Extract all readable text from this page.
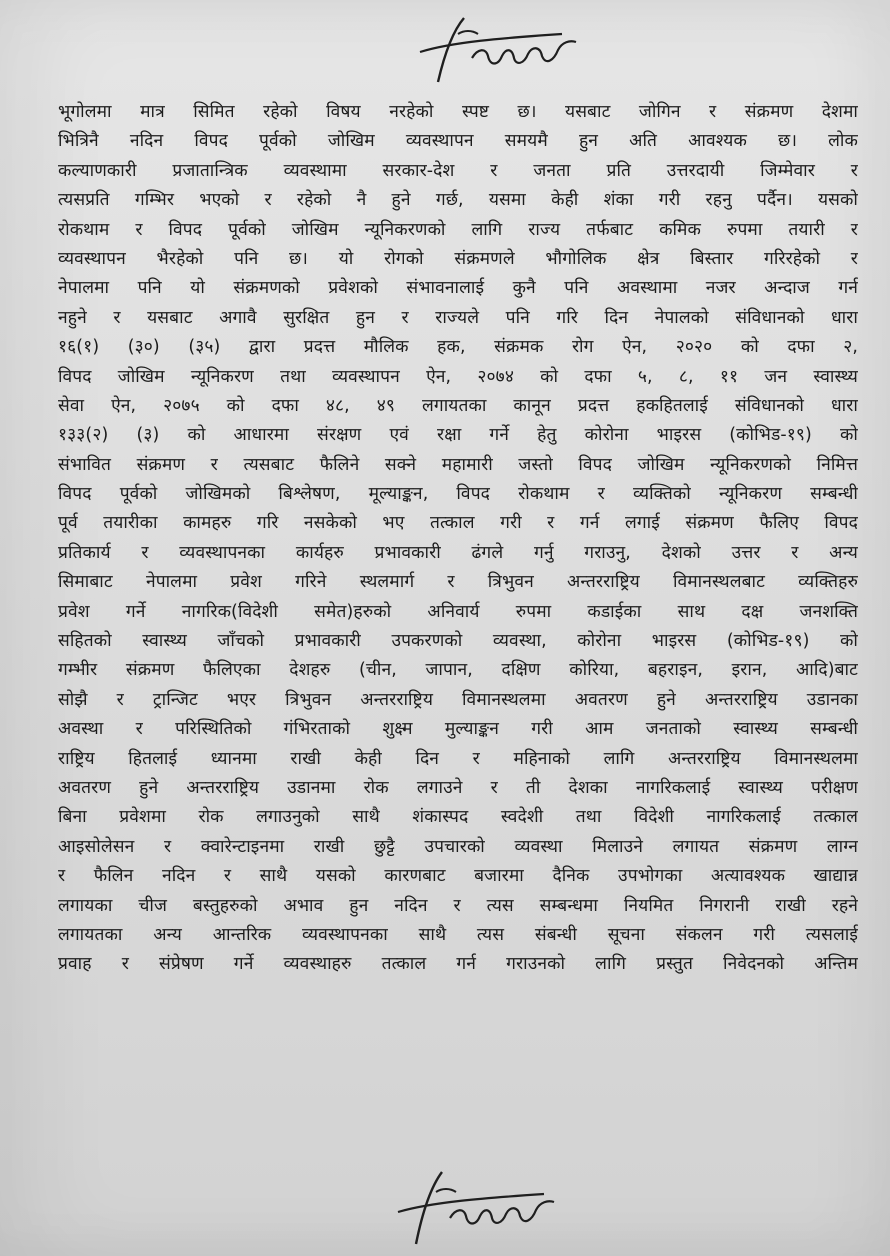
भूगोलमा मात्र सिमित रहेको विषय नरहेको स्पष्ट छ। यसबाट जोगिन र संक्रमण देशमा
भित्रिनै नदिन विपद पूर्वको जोखिम व्यवस्थापन समयमै हुन अति आवश्यक छ। लोक
कल्याणकारी प्रजातान्त्रिक व्यवस्थामा सरकार-देश र जनता प्रति उत्तरदायी जिम्मेवार र
त्यसप्रति गम्भिर भएको र रहेको नै हुने गर्छ, यसमा केही शंका गरी रहनु पर्दैन। यसको
रोकथाम र विपद पूर्वको जोखिम न्यूनिकरणको लागि राज्य तर्फबाट कमिक रुपमा तयारी र
व्यवस्थापन भैरहेको पनि छ। यो रोगको संक्रमणले भौगोलिक क्षेत्र बिस्तार गरिरहेको र
नेपालमा पनि यो संक्रमणको प्रवेशको संभावनालाई कुनै पनि अवस्थामा नजर अन्दाज गर्न
नहुने र यसबाट अगावै सुरक्षित हुन र राज्यले पनि गरि दिन नेपालको संविधानको धारा
१६(१) (३०) (३५) द्वारा प्रदत्त मौलिक हक, संक्रमक रोग ऐन, २०२० को दफा २,
विपद जोखिम न्यूनिकरण तथा व्यवस्थापन ऐन, २०७४ को दफा ५, ८, ११ जन स्वास्थ्य
सेवा ऐन, २०७५ को दफा ४८, ४९ लगायतका कानून प्रदत्त हकहितलाई संविधानको धारा
१३३(२) (३) को आधारमा संरक्षण एवं रक्षा गर्ने हेतु कोरोना भाइरस (कोभिड-१९) को
संभावित संक्रमण र त्यसबाट फैलिने सक्ने महामारी जस्तो विपद जोखिम न्यूनिकरणको निमित्त
विपद पूर्वको जोखिमको बिश्लेषण, मूल्याङ्कन, विपद रोकथाम र व्यक्तिको न्यूनिकरण सम्बन्धी
पूर्व तयारीका कामहरु गरि नसकेको भए तत्काल गरी र गर्न लगाई संक्रमण फैलिए विपद
प्रतिकार्य र व्यवस्थापनका कार्यहरु प्रभावकारी ढंगले गर्नु गराउनु, देशको उत्तर र अन्य
सिमाबाट नेपालमा प्रवेश गरिने स्थलमार्ग र त्रिभुवन अन्तरराष्ट्रिय विमानस्थलबाट व्यक्तिहरु
प्रवेश गर्ने नागरिक(विदेशी समेत)हरुको अनिवार्य रुपमा कडाईका साथ दक्ष जनशक्ति
सहितको स्वास्थ्य जाँचको प्रभावकारी उपकरणको व्यवस्था, कोरोना भाइरस (कोभिड-१९) को
गम्भीर संक्रमण फैलिएका देशहरु (चीन, जापान, दक्षिण कोरिया, बहराइन, इरान, आदि)बाट
सोझै र ट्रान्जिट भएर त्रिभुवन अन्तरराष्ट्रिय विमानस्थलमा अवतरण हुने अन्तरराष्ट्रिय उडानका
अवस्था र परिस्थितिको गंभिरताको शुक्ष्म मुल्याङ्कन गरी आम जनताको स्वास्थ्य सम्बन्धी
राष्ट्रिय हितलाई ध्यानमा राखी केही दिन र महिनाको लागि अन्तरराष्ट्रिय विमानस्थलमा
अवतरण हुने अन्तरराष्ट्रिय उडानमा रोक लगाउने र ती देशका नागरिकलाई स्वास्थ्य परीक्षण
बिना प्रवेशमा रोक लगाउनुको साथै शंकास्पद स्वदेशी तथा विदेशी नागरिकलाई तत्काल
आइसोलेसन र क्वारेन्टाइनमा राखी छुट्टै उपचारको व्यवस्था मिलाउने लगायत संक्रमण लाग्न
र फैलिन नदिन र साथै यसको कारणबाट बजारमा दैनिक उपभोगका अत्यावश्यक खाद्यान्न
लगायका चीज बस्तुहरुको अभाव हुन नदिन र त्यस सम्बन्धमा नियमित निगरानी राखी रहने
लगायतका अन्य आन्तरिक व्यवस्थापनका साथै त्यस संबन्धी सूचना संकलन गरी त्यसलाई
प्रवाह र संप्रेषण गर्ने व्यवस्थाहरु तत्काल गर्न गराउनको लागि प्रस्तुत निवेदनको अन्तिम
